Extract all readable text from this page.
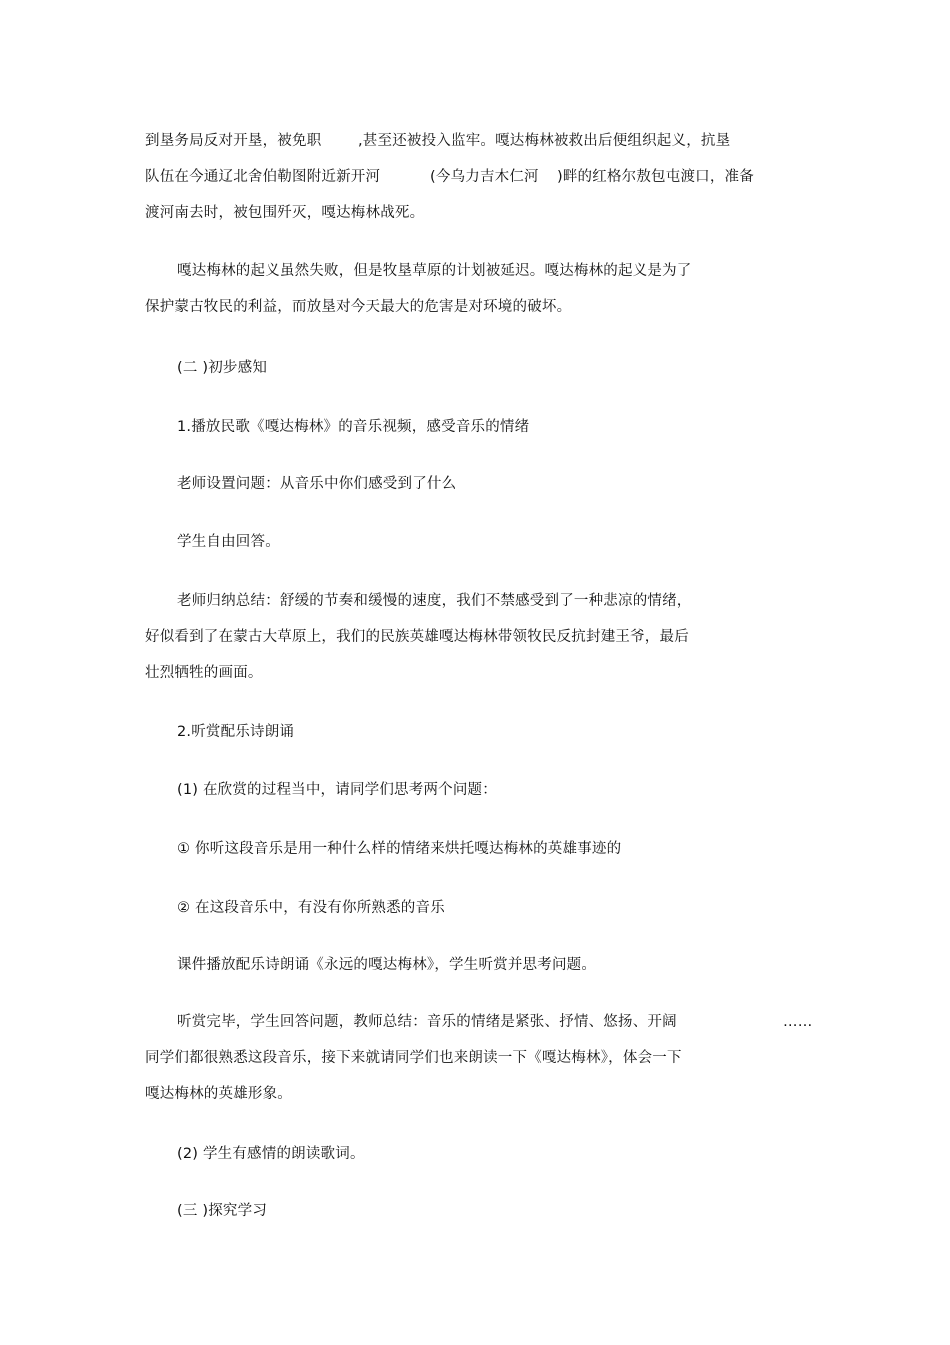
到垦务局反对开垦，被免职	,甚至还被投入监牢。嘎达梅林被救出后便组织起义，抗垦
队伍在今通辽北舍伯勒图附近新开河	(今乌力吉木仁河 )畔的红格尔敖包屯渡口，准备
渡河南去时，被包围歼灭，嘎达梅林战死。
嘎达梅林的起义虽然失败，但是牧垦草原的计划被延迟。嘎达梅林的起义是为了
保护蒙古牧民的利益，而放垦对今天最大的危害是对环境的破坏。
(二 )初步感知
1.播放民歌《嘎达梅林》的音乐视频，感受音乐的情绪
老师设置问题：从音乐中你们感受到了什么
学生自由回答。
老师归纳总结：舒缓的节奏和缓慢的速度，我们不禁感受到了一种悲凉的情绪，
好似看到了在蒙古大草原上，我们的民族英雄嘎达梅林带领牧民反抗封建王爷，最后
壮烈牺牲的画面。
2.听赏配乐诗朗诵
(1) 在欣赏的过程当中，请同学们思考两个问题：
① 你听这段音乐是用一种什么样的情绪来烘托嘎达梅林的英雄事迹的
② 在这段音乐中，有没有你所熟悉的音乐
课件播放配乐诗朗诵《永远的嘎达梅林》，学生听赏并思考问题。
听赏完毕，学生回答问题，教师总结：音乐的情绪是紧张、抒情、悠扬、开阔	……
同学们都很熟悉这段音乐，接下来就请同学们也来朗读一下《嘎达梅林》，体会一下
嘎达梅林的英雄形象。
(2) 学生有感情的朗读歌词。
(三 )探究学习
